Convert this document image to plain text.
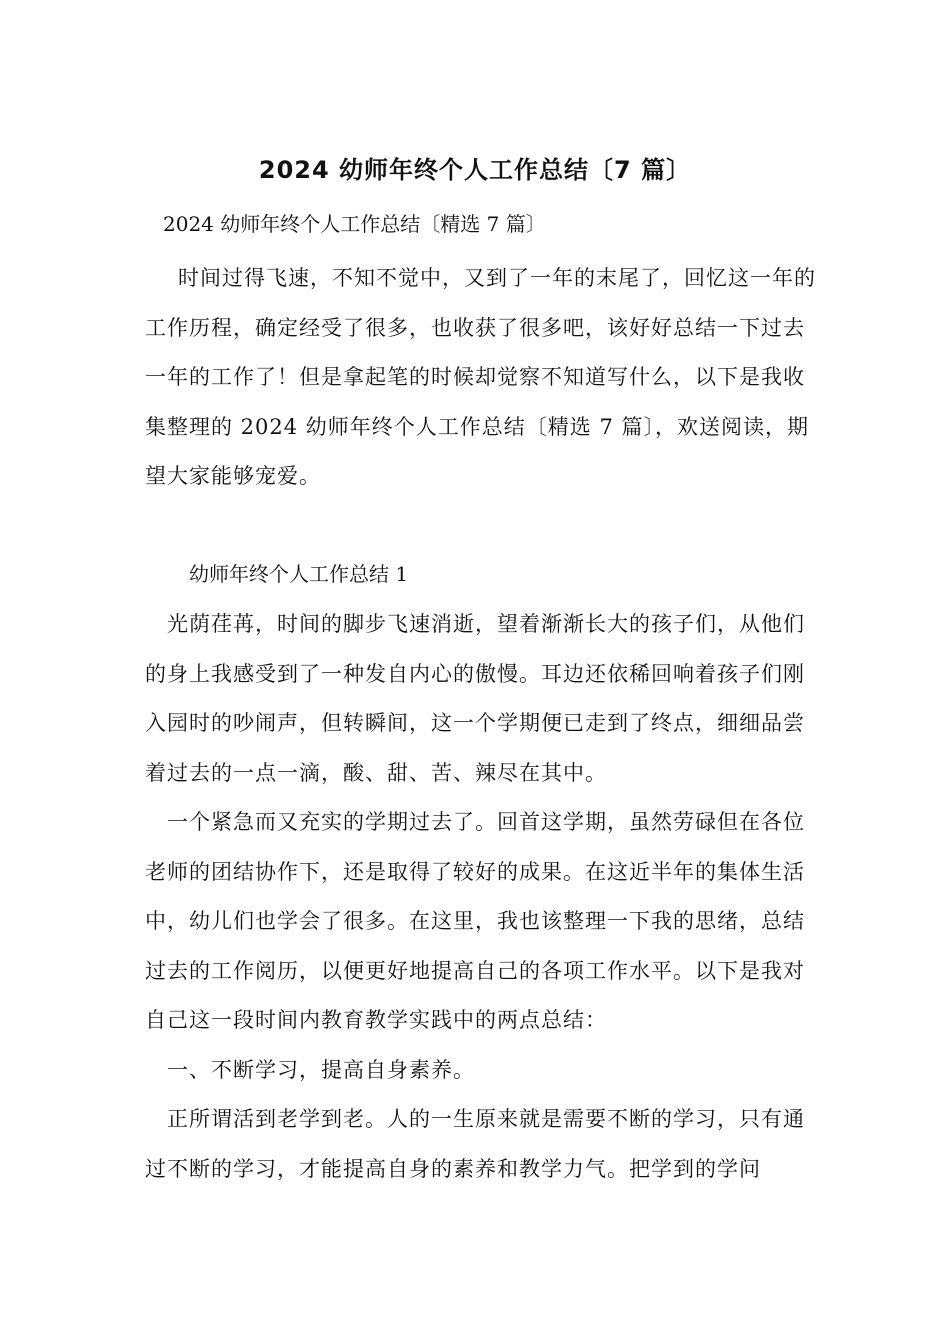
2024 幼师年终个人工作总结〔7 篇〕
2024 幼师年终个人工作总结〔精选 7 篇〕

时间过得飞速，不知不觉中，又到了一年的末尾了，回忆这一年的工作历程，确定经受了很多，也收获了很多吧，该好好总结一下过去一年的工作了！但是拿起笔的时候却觉察不知道写什么，以下是我收集整理的 2024 幼师年终个人工作总结〔精选 7 篇〕，欢送阅读，期望大家能够宠爱。

幼师年终个人工作总结 1

光荫荏苒，时间的脚步飞速消逝，望着渐渐长大的孩子们，从他们的身上我感受到了一种发自内心的傲慢。耳边还依稀回响着孩子们刚入园时的吵闹声，但转瞬间，这一个学期便已走到了终点，细细品尝着过去的一点一滴，酸、甜、苦、辣尽在其中。

一个紧急而又充实的学期过去了。回首这学期，虽然劳碌但在各位老师的团结协作下，还是取得了较好的成果。在这近半年的集体生活中，幼儿们也学会了很多。在这里，我也该整理一下我的思绪，总结过去的工作阅历，以便更好地提高自己的各项工作水平。以下是我对自己这一段时间内教育教学实践中的两点总结：

一、不断学习，提高自身素养。

正所谓活到老学到老。人的一生原来就是需要不断的学习，只有通过不断的学习，才能提高自身的素养和教学力气。把学到的学问
